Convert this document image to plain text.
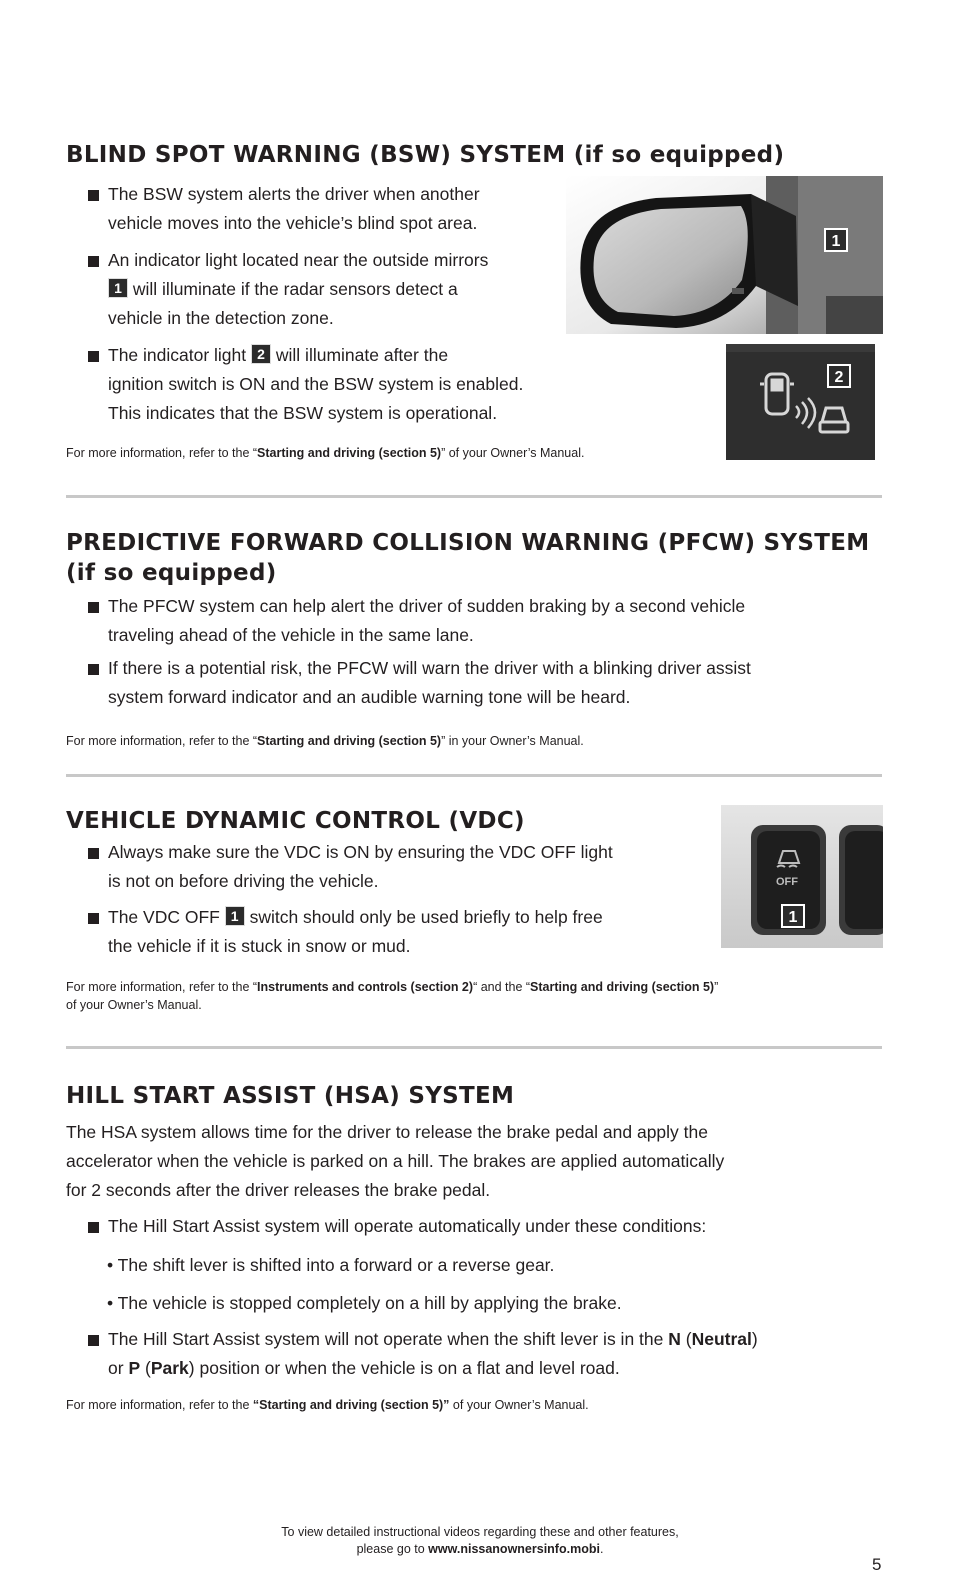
BLIND SPOT WARNING (BSW) SYSTEM (if so equipped)
The BSW system alerts the driver when another
vehicle moves into the vehicle’s blind spot area.
An indicator light located near the outside mirrors
1 will illuminate if the radar sensors detect a
vehicle in the detection zone.
The indicator light 2 will illuminate after the
ignition switch is ON and the BSW system is enabled.
This indicates that the BSW system is operational.
For more information, refer to the “Starting and driving (section 5)” of your Owner’s Manual.
1
2
PREDICTIVE FORWARD COLLISION WARNING (PFCW) SYSTEM
(if so equipped)
The PFCW system can help alert the driver of sudden braking by a second vehicle
traveling ahead of the vehicle in the same lane.
If there is a potential risk, the PFCW will warn the driver with a blinking driver assist
system forward indicator and an audible warning tone will be heard.
For more information, refer to the “Starting and driving (section 5)” in your Owner’s Manual.
VEHICLE DYNAMIC CONTROL (VDC)
Always make sure the VDC is ON by ensuring the VDC OFF light
is not on before driving the vehicle.
The VDC OFF 1 switch should only be used briefly to help free
the vehicle if it is stuck in snow or mud.
For more information, refer to the “Instruments and controls (section 2)“ and the “Starting and driving (section 5)”
of your Owner’s Manual.
OFF
1
HILL START ASSIST (HSA) SYSTEM
The HSA system allows time for the driver to release the brake pedal and apply the
accelerator when the vehicle is parked on a hill. The brakes are applied automatically
for 2 seconds after the driver releases the brake pedal.
The Hill Start Assist system will operate automatically under these conditions:
• The shift lever is shifted into a forward or a reverse gear.
• The vehicle is stopped completely on a hill by applying the brake.
The Hill Start Assist system will not operate when the shift lever is in the N (Neutral)
or P (Park) position or when the vehicle is on a flat and level road.
For more information, refer to the “Starting and driving (section 5)” of your Owner’s Manual.
To view detailed instructional videos regarding these and other features,
please go to www.nissanownersinfo.mobi.
5
